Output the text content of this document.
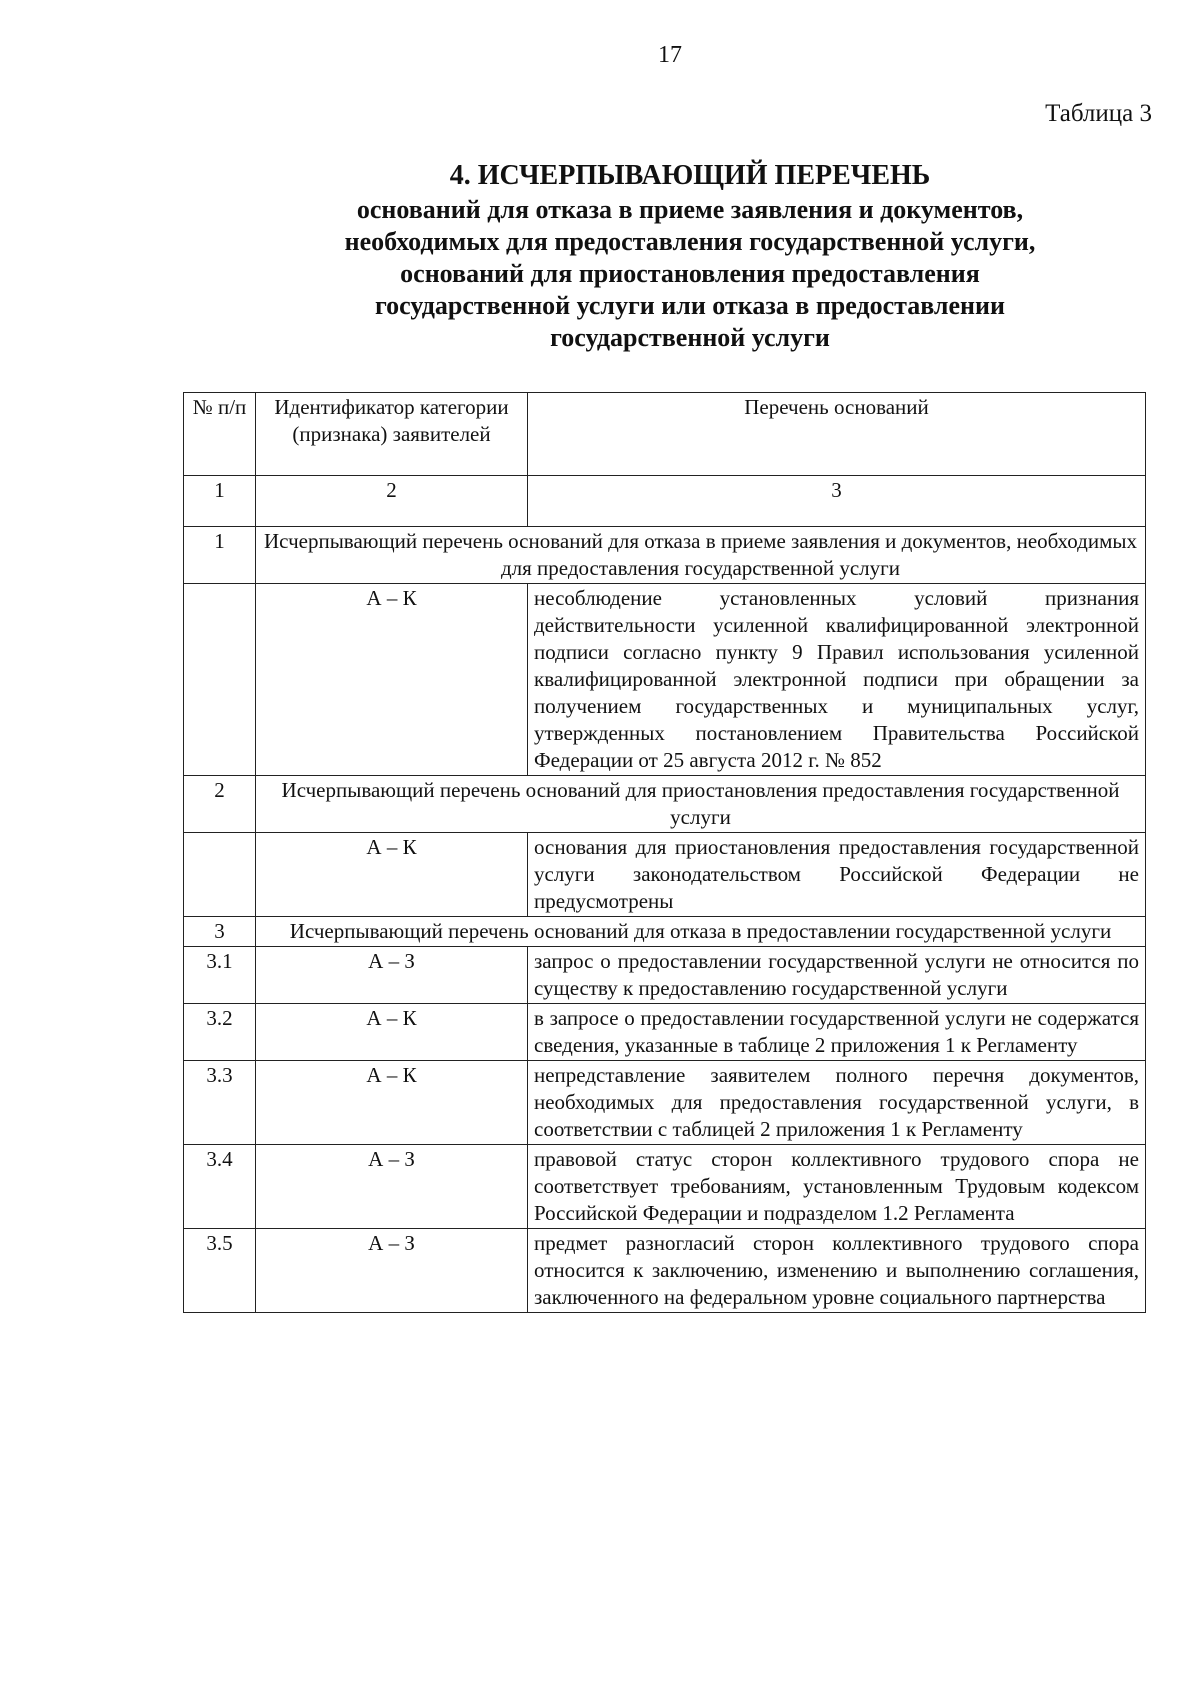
17
Таблица 3
4. ИСЧЕРПЫВАЮЩИЙ ПЕРЕЧЕНЬ
оснований для отказа в приеме заявления и документов,
необходимых для предоставления государственной услуги,
оснований для приостановления предоставления
государственной услуги или отказа в предоставлении
государственной услуги
№ п/п	Идентификатор категории (признака) заявителей	Перечень оснований
1	2	3
1	Исчерпывающий перечень оснований для отказа в приеме заявления и документов, необходимых для предоставления государственной услуги	
	А – К	несоблюдение установленных условий признания действительности усиленной квалифицированной электронной подписи согласно пункту 9 Правил использования усиленной квалифицированной электронной подписи при обращении за получением государственных и муниципальных услуг, утвержденных постановлением Правительства Российской Федерации от 25 августа 2012 г. № 852
2	Исчерпывающий перечень оснований для приостановления предоставления государственной услуги	
	А – К	основания для приостановления предоставления государственной услуги законодательством Российской Федерации не предусмотрены
3	Исчерпывающий перечень оснований для отказа в предоставлении государственной услуги	
3.1	А – З	запрос о предоставлении государственной услуги не относится по существу к предоставлению государственной услуги
3.2	А – К	в запросе о предоставлении государственной услуги не содержатся сведения, указанные в таблице 2 приложения 1 к Регламенту
3.3	А – К	непредставление заявителем полного перечня документов, необходимых для предоставления государственной услуги, в соответствии с таблицей 2 приложения 1 к Регламенту
3.4	А – З	правовой статус сторон коллективного трудового спора не соответствует требованиям, установленным Трудовым кодексом Российской Федерации и подразделом 1.2 Регламента
3.5	А – З	предмет разногласий сторон коллективного трудового спора относится к заключению, изменению и выполнению соглашения, заключенного на федеральном уровне социального партнерства
